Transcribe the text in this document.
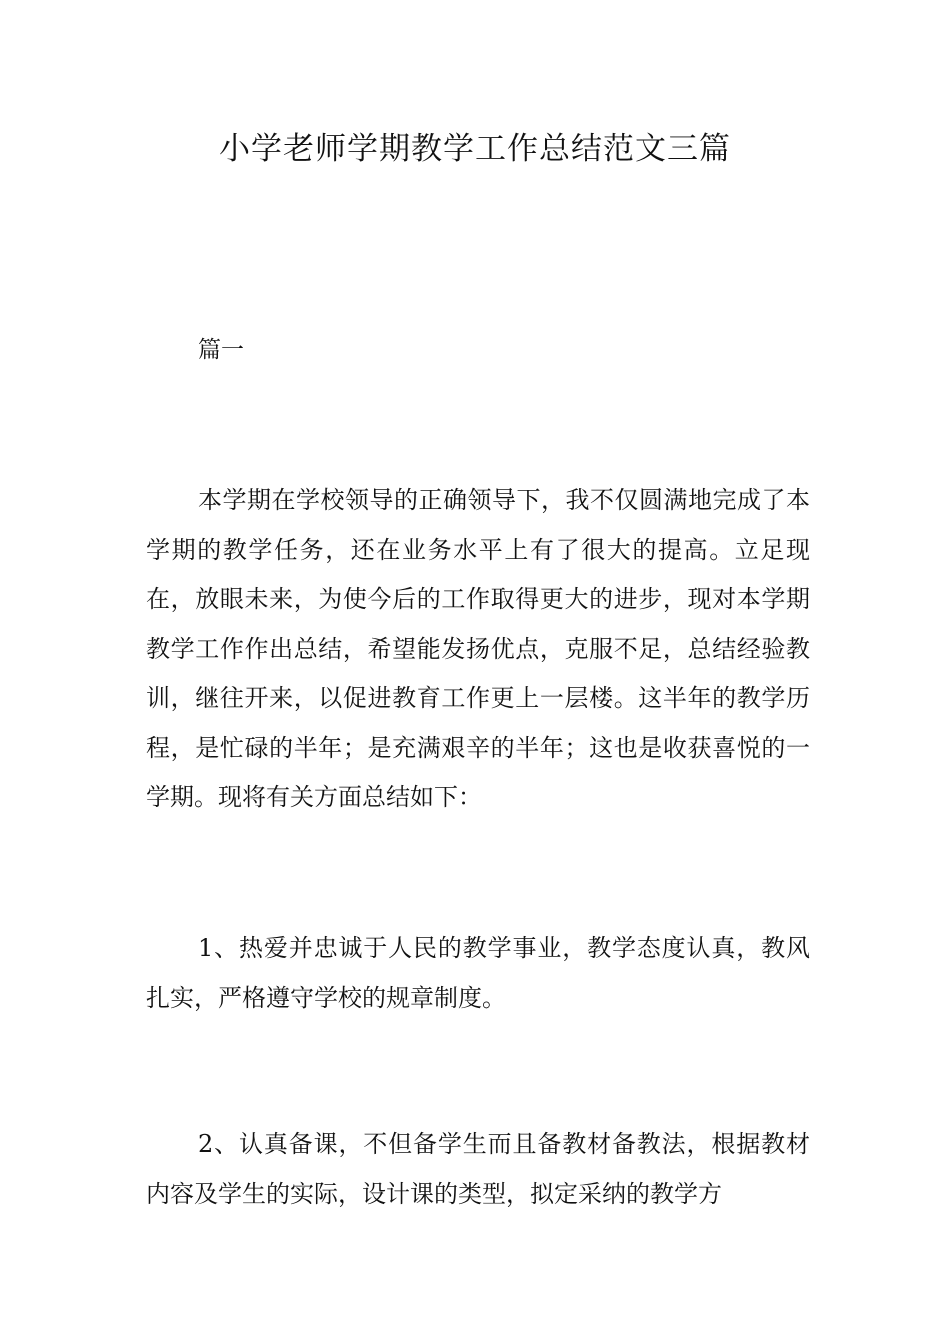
小学老师学期教学工作总结范文三篇

篇一

本学期在学校领导的正确领导下，我不仅圆满地完成了本学期的教学任务，还在业务水平上有了很大的提高。立足现在，放眼未来，为使今后的工作取得更大的进步，现对本学期教学工作作出总结，希望能发扬优点，克服不足，总结经验教训，继往开来，以促进教育工作更上一层楼。这半年的教学历程，是忙碌的半年；是充满艰辛的半年；这也是收获喜悦的一学期。现将有关方面总结如下：

1、热爱并忠诚于人民的教学事业，教学态度认真，教风扎实，严格遵守学校的规章制度。

2、认真备课，不但备学生而且备教材备教法，根据教材内容及学生的实际，设计课的类型，拟定采纳的教学方
